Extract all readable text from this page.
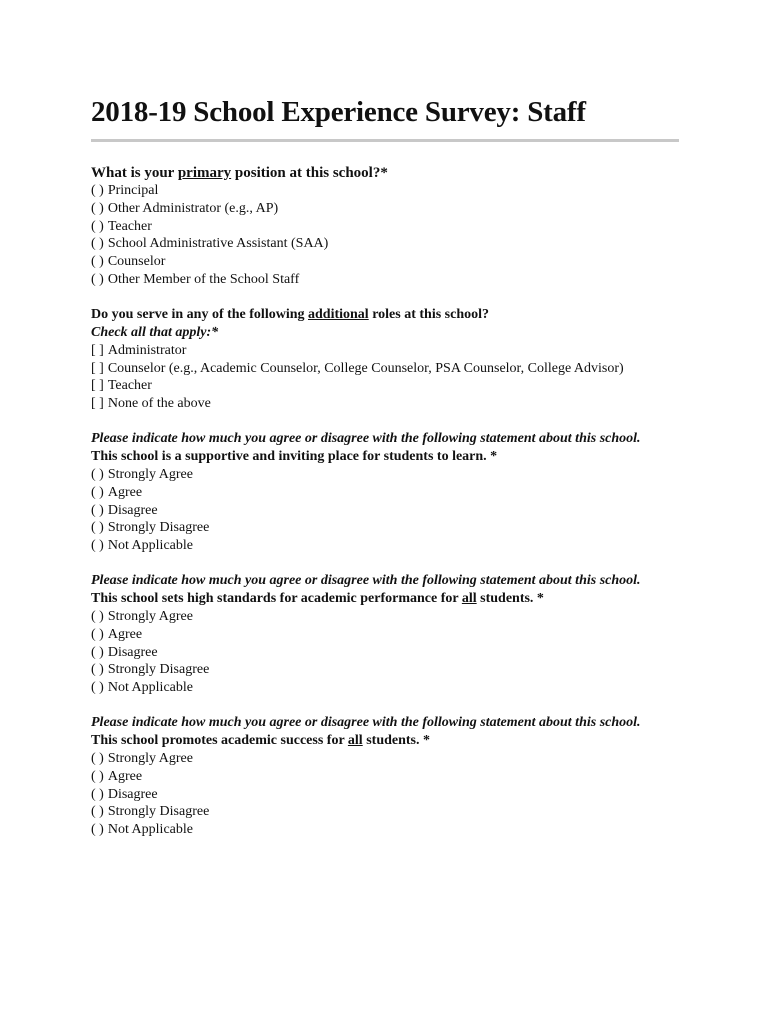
2018-19 School Experience Survey: Staff
What is your primary position at this school?*
( ) Principal
( ) Other Administrator (e.g., AP)
( ) Teacher
( ) School Administrative Assistant (SAA)
( ) Counselor
( ) Other Member of the School Staff
Do you serve in any of the following additional roles at this school?
Check all that apply:*
[ ] Administrator
[ ] Counselor (e.g., Academic Counselor, College Counselor, PSA Counselor, College Advisor)
[ ] Teacher
[ ] None of the above
Please indicate how much you agree or disagree with the following statement about this school.
This school is a supportive and inviting place for students to learn. *
( ) Strongly Agree
( ) Agree
( ) Disagree
( ) Strongly Disagree
( ) Not Applicable
Please indicate how much you agree or disagree with the following statement about this school.
This school sets high standards for academic performance for all students. *
( ) Strongly Agree
( ) Agree
( ) Disagree
( ) Strongly Disagree
( ) Not Applicable
Please indicate how much you agree or disagree with the following statement about this school.
This school promotes academic success for all students. *
( ) Strongly Agree
( ) Agree
( ) Disagree
( ) Strongly Disagree
( ) Not Applicable
